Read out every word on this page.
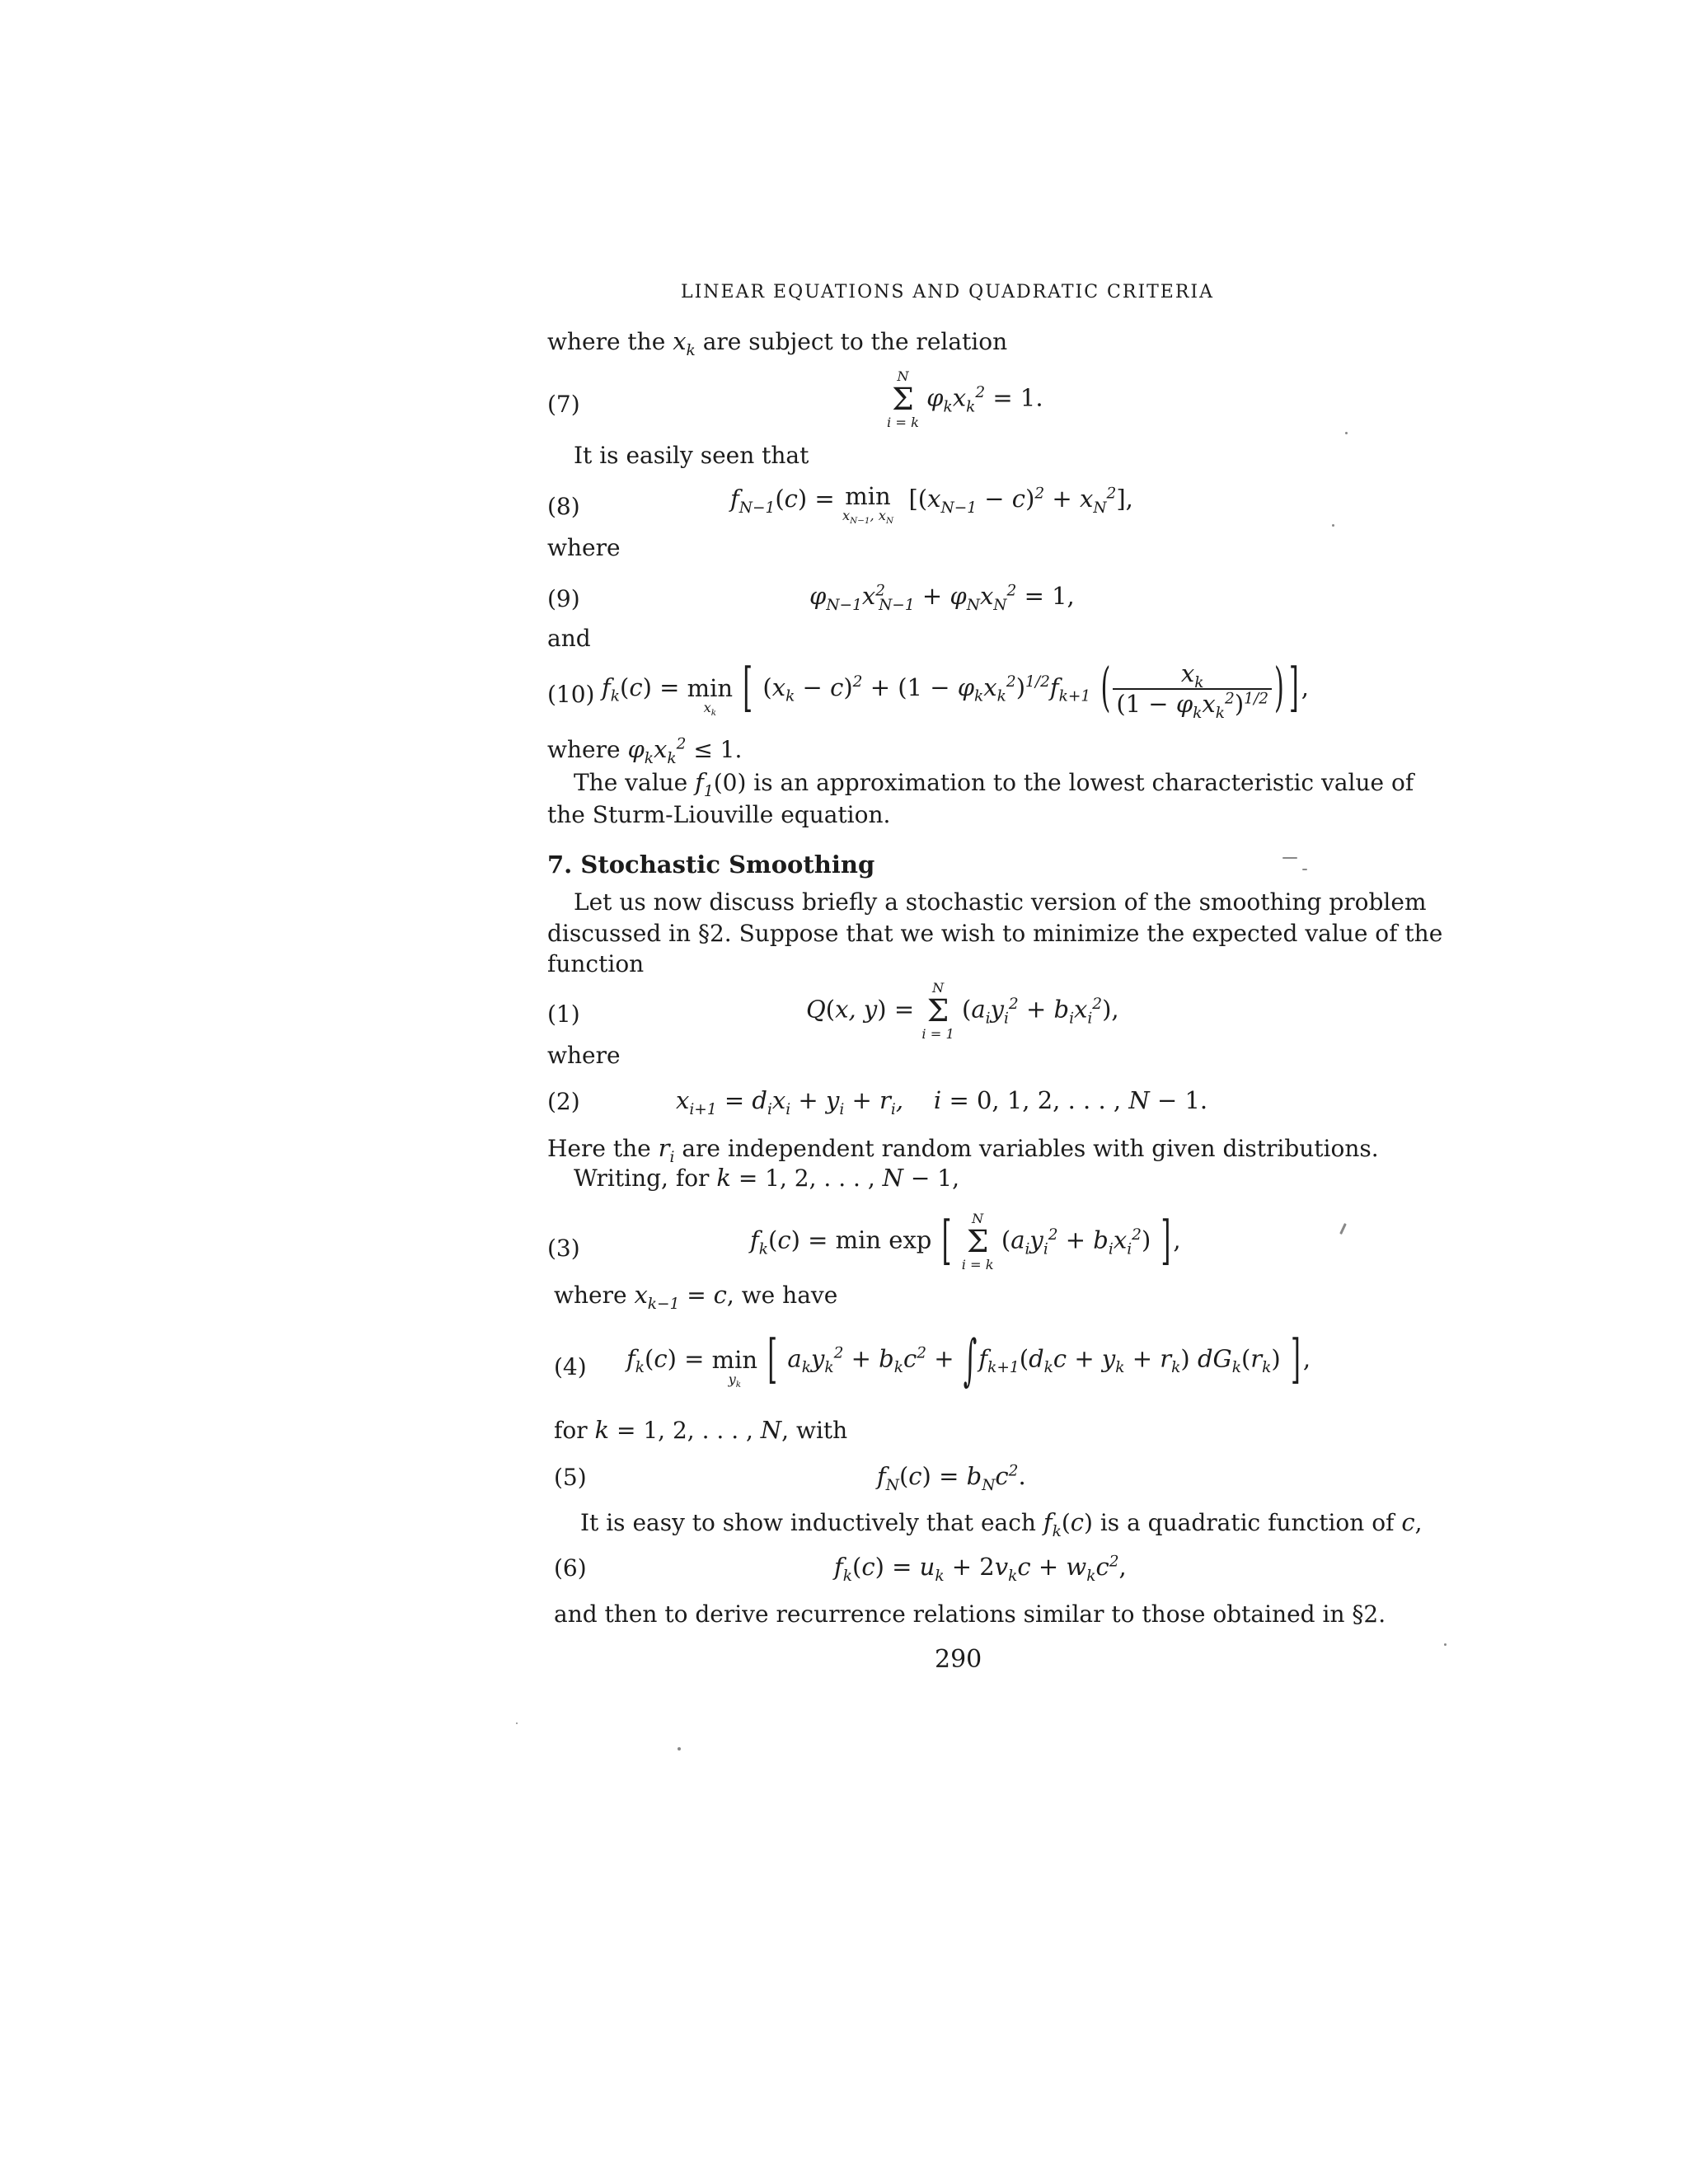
LINEAR EQUATIONS AND QUADRATIC CRITERIA
where the $x_k$ are subject to the relation
(7)
N
Σ
i = k
$\varphi_kx_k^2 = 1$.
It is easily seen that
(8)	$f_{N-1}(c) = \min$
$x_{N-1}$, $x_N$
$[(x_{N-1} - c)^2 + x_N^2]$,
where
(9)	$\varphi_{N-1}x^2_{N-1} + \varphi_Nx_N^2 = 1$,
and
(10) $f_k(c)$ =
min
$x_k$	[ $(x_k - c)^2 + (1 - \varphi_kx_k^2)^{1/2}f_{k+1}$ ( $\frac{x_k}{(1 - \varphi_kx_k^2)^{1/2}}$ ) ] ,
where $\varphi_kx_k^2 \le 1$.
The value $f_1(0)$ is an approximation to the lowest characteristic value of
the Sturm-Liouville equation.
7. Stochastic Smoothing
Let us now discuss briefly a stochastic version of the smoothing problem
discussed in §2. Suppose that we wish to minimize the expected value of the
function
(1)	Q(x, y) =
N
Σ
i = 1
$(a_iy_i^2 + b_ix_i^2)$,
where
(2)	$x_{i+1} = d_ix_i + y_i + r_i$,    i = 0, 1, 2, . . . , N − 1.
Here the $r_i$ are independent random variables with given distributions.
Writing, for k = 1, 2, . . . , N − 1,
(3)	$f_k(c) = \min \exp$ [	N
Σ
i = k
$(a_iy_i^2 + b_ix_i^2)$ ] ,
where $x_{k-1} = c$, we have
(4) $f_k(c)$ =
min
$y_k$	[ $a_ky_k^2 + b_kc^2 + \int f_{k+1}(d_kc + y_k + r_k)$ $dG_k(r_k)$ ] ,
for k = 1, 2, . . . , N, with
(5)	$f_N(c) = b_Nc^2$.
It is easy to show inductively that each $f_k(c)$ is a quadratic function of c,
(6)	$f_k(c) = u_k + 2v_kc + w_kc^2$,
and then to derive recurrence relations similar to those obtained in §2.
290
